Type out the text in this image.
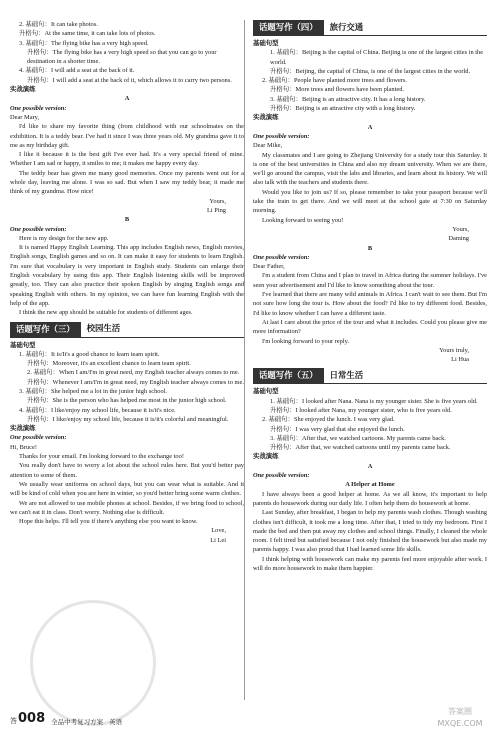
2. 基础句：It can take photos.

升格句：At the same time, it can take lots of photos.

3. 基础句：The flying bike has a very high speed.

升格句：The flying bike has a very high speed so that you can go to your destination in a shorter time.

4. 基础句：I will add a seat at the back of it.

升格句：I will add a seat at the back of it, which allows it to carry two persons.

实战演练

A

One possible version:

Dear Mary,

I'd like to share my favorite thing (from childhood with our schoolmates on the exhibition. It is a teddy bear. I've had it since I was three years old. My grandma gave it to me as my birthday gift.

I like it because it is the best gift I've ever had. It's a very special friend of mine. Whether I am sad or happy, it smiles to me; it makes me happy every day.

The teddy bear has given me many good memories. Once my parents went out for a whole day, leaving me alone. I was so sad. But when I saw my teddy bear, it made me think of my grandma. How nice!

Yours,

Li Ping

B

One possible version:

Here is my design for the new app.

It is named Happy English Learning. This app includes English news, English movies, English songs, English games and so on. It can make it easy for students to learn English. I'm sure that vocabulary is very important in English study. Students can enlarge their English vocabulary by using this app. Their English listening skills will be improved greatly, too. They can also practice their spoken English by singing English songs and speaking English with others. In my opinion, we can have fun learning English with the help of the app.

I think the new app should be suitable for students of different ages.

话题写作（三）	校园生活

基础句型

1. 基础句：It is/It's a good chance to learn team spirit.

升格句：Moreover, it's an excellent chance to learn team spirit.

2. 基础句：When I am/I'm in great need, my English teacher always comes to me.

升格句：Whenever I am/I'm in great need, my English teacher always comes to me.

3. 基础句：She helped me a lot in the junior high school.

升格句：She is the person who has helped me most in the junior high school.

4. 基础句：I like/enjoy my school life, because it is/it's nice.

升格句：I like/enjoy my school life, because it is/it's colorful and meaningful.

实战演练

One possible version:

Hi, Bruce!

Thanks for your email. I'm looking forward to the exchange too!

You really don't have to worry a lot about the school rules here. But you'd better pay attention to some of them.

We usually wear uniforms on school days, but you can wear what is suitable. And it will be kind of cold when you are here in winter, so you'd better bring some warm clothes.

We are not allowed to use mobile phones at school. Besides, if we bring food to school, we can't eat it in class. Don't worry. Nothing else is difficult.

Hope this helps. I'll tell you if there's anything else you want to know.

Love,

Li Lei

话题写作（四）	旅行交通

基础句型

1. 基础句：Beijing is the capital of China. Beijing is one of the largest cities in the world.

升格句：Beijing, the capital of China, is one of the largest cities in the world.

2. 基础句：People have planted more trees and flowers.

升格句：More trees and flowers have been planted.

3. 基础句：Beijing is an attractive city. It has a long history.

升格句：Beijing is an attractive city with a long history.

实战演练

A

One possible version:

Dear Mike,

My classmates and I are going to Zhejiang University for a study tour this Saturday. It is one of the best universities in China and also my dream university. When we are there, we'll go around the campus, visit the labs and libraries, and learn about its history. We will also talk with the teachers and students there.

Would you like to join us? If so, please remember to take your passport because we'll take the train to get there. And we will meet at the school gate at 7:30 on Saturday morning.

Looking forward to seeing you!

Yours,

Daming

B

One possible version:

Dear Father,

I'm a student from China and I plan to travel in Africa during the summer holidays. I've seen your advertisement and I'd like to know something about the tour.

I've learned that there are many wild animals in Africa. I can't wait to see them. But I'm not sure how long the tour is. How about the food? I'd like to try different food. Besides, I'd like to know whether I can have a different taste.

At last I care about the price of the tour and what it includes. Could you please give me more information?

I'm looking forward to your reply.

Yours truly,

Li Hua

话题写作（五）	日常生活

基础句型

1. 基础句：I looked after Nana. Nana is my younger sister. She is five years old.

升格句：I looked after Nana, my younger sister, who is five years old.

2. 基础句：She enjoyed the lunch. I was very glad.

升格句：I was very glad that she enjoyed the lunch.

3. 基础句：After that, we watched cartoons. My parents came back.

升格句：After that, we watched cartoons until my parents came back.

实战演练

A

One possible version:

A Helper at Home

I have always been a good helper at home. As we all know, it's important to help parents do housework during our daily life. I often help them do housework at home.

Last Sunday, after breakfast, I began to help my parents wash clothes. Though washing clothes isn't difficult, it took me a long time. After that, I tried to tidy my bedroom. First I made the bed and then put away my clothes and school things. Finally, I cleaned the whole room. I felt tired but satisfied because I not only finished the housework but also made my parents happy. I was also proud that I had learned some life skills.

I think helping with housework can make my parents feel more enjoyable after work. I will do more housework to make them happier.

答 008 全品中考复习方案 英语
答案圈 MXQE.COM
